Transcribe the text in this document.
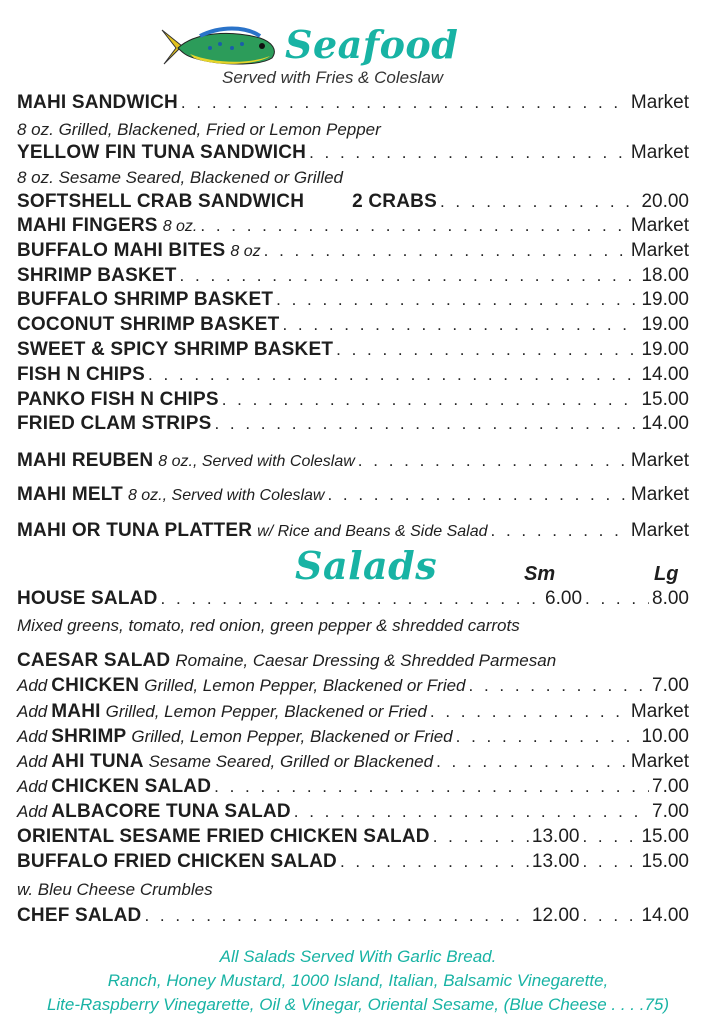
Seafood
Served with Fries & Coleslaw
MAHI SANDWICH . . .	Market
8 oz. Grilled, Blackened, Fried or Lemon Pepper
YELLOW FIN TUNA SANDWICH . . .	Market
8 oz. Sesame Seared, Blackened or Grilled
SOFTSHELL CRAB SANDWICH	2 CRABS . . .	20.00
MAHI FINGERS 8 oz. . . .	Market
BUFFALO MAHI BITES 8 oz . . .	Market
SHRIMP BASKET . . .	18.00
BUFFALO SHRIMP BASKET . . .	19.00
COCONUT SHRIMP BASKET . . .	19.00
SWEET & SPICY SHRIMP BASKET . . .	19.00
FISH N CHIPS . . .	14.00
PANKO FISH N CHIPS . . .	15.00
FRIED CLAM STRIPS . . .	14.00
MAHI REUBEN 8 oz., Served with Coleslaw . . .	Market
MAHI MELT 8 oz., Served with Coleslaw . . .	Market
MAHI OR TUNA PLATTER w/ Rice and Beans & Side Salad . . .	Market
Salads	Sm	Lg
HOUSE SALAD . . .	6.00 . . .	8.00
Mixed greens, tomato, red onion, green pepper & shredded carrots
CAESAR SALAD Romaine, Caesar Dressing & Shredded Parmesan
Add CHICKEN Grilled, Lemon Pepper, Blackened or Fried . . .	7.00
Add MAHI Grilled, Lemon Pepper, Blackened or Fried . . .	Market
Add SHRIMP Grilled, Lemon Pepper, Blackened or Fried . . .	10.00
Add AHI TUNA Sesame Seared, Grilled or Blackened . . .	Market
Add CHICKEN SALAD . . .	7.00
Add ALBACORE TUNA SALAD . . .	7.00
ORIENTAL SESAME FRIED CHICKEN SALAD . . .	13.00 . . .	15.00
BUFFALO FRIED CHICKEN SALAD . . .	13.00 . . .	15.00
w. Bleu Cheese Crumbles
CHEF SALAD . . .	12.00 . . .	14.00
All Salads Served With Garlic Bread.
Ranch, Honey Mustard, 1000 Island, Italian, Balsamic Vinegarette,
Lite-Raspberry Vinegarette, Oil & Vinegar, Oriental Sesame, (Blue Cheese . . . .75)
